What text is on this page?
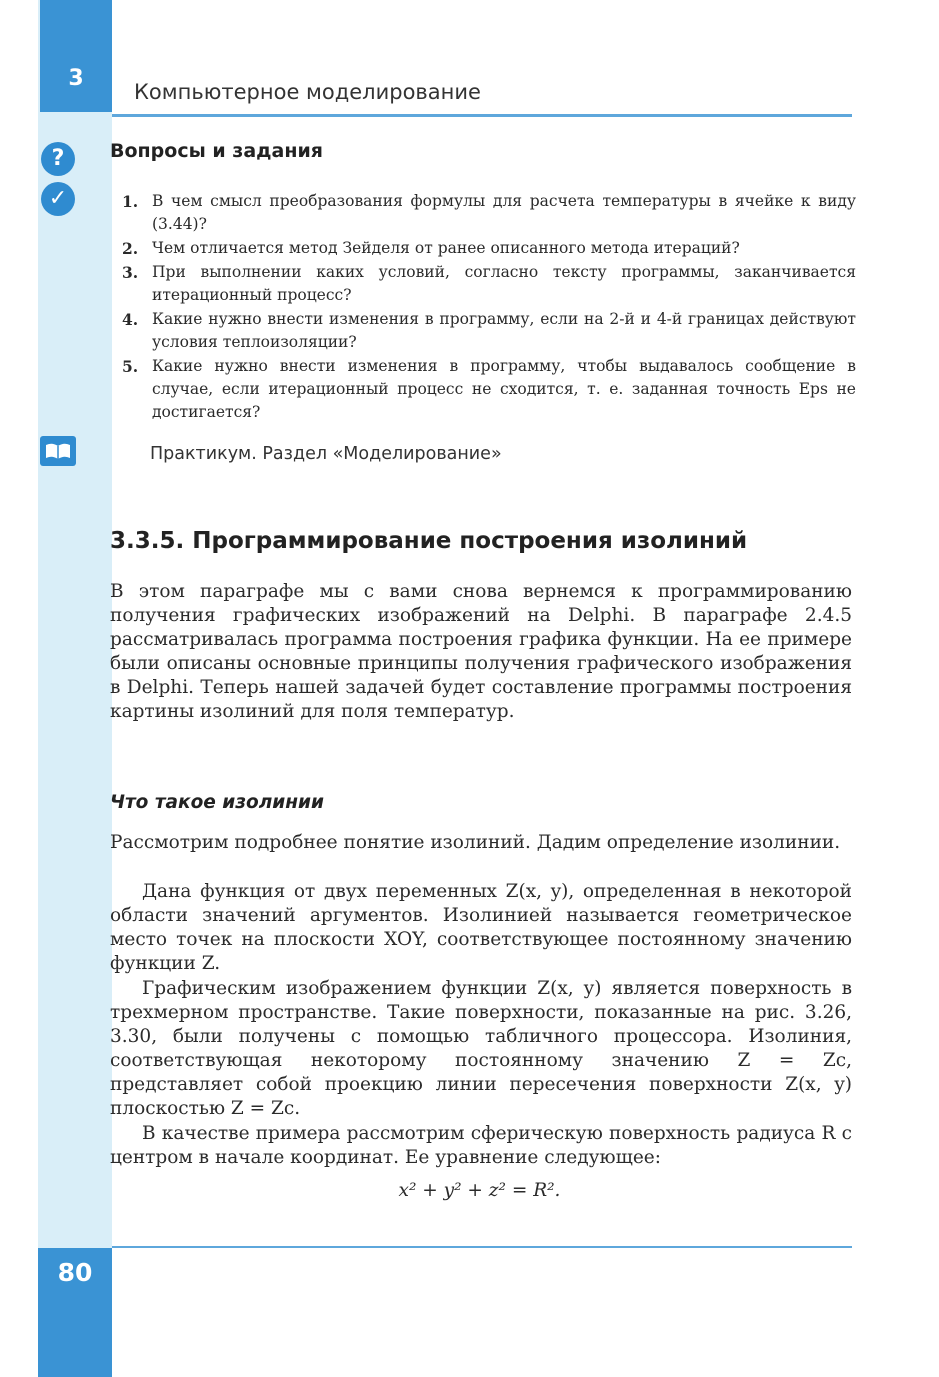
3
Компьютерное моделирование
?
✓
Вопросы и задания
1. В чем смысл преобразования формулы для расчета температуры в ячейке к виду (3.44)?
2. Чем отличается метод Зейделя от ранее описанного метода итераций?
3. При выполнении каких условий, согласно тексту программы, заканчивается итерационный процесс?
4. Какие нужно внести изменения в программу, если на 2-й и 4-й границах действуют условия теплоизоляции?
5. Какие нужно внести изменения в программу, чтобы выдавалось сообщение в случае, если итерационный процесс не сходится, т. е. заданная точность Eps не достигается?
Практикум. Раздел «Моделирование»
3.3.5. Программирование построения изолиний

В этом параграфе мы с вами снова вернемся к программированию получения графических изображений на Delphi. В параграфе 2.4.5 рассматривалась программа построения графика функции. На ее примере были описаны основные принципы получения графического изображения в Delphi. Теперь нашей задачей будет составление программы построения картины изолиний для поля температур.

Что такое изолинии

Рассмотрим подробнее понятие изолиний. Дадим определение изолинии.

Дана функция от двух переменных Z(x, y), определенная в некоторой области значений аргументов. Изолинией называется геометрическое место точек на плоскости XOY, соответствующее постоянному значению функции Z.

Графическим изображением функции Z(x, y) является поверхность в трехмерном пространстве. Такие поверхности, показанные на рис. 3.26, 3.30, были получены с помощью табличного процессора. Изолиния, соответствующая некоторому постоянному значению Z = Zc, представляет собой проекцию линии пересечения поверхности Z(x, y) плоскостью Z = Zc.

В качестве примера рассмотрим сферическую поверхность радиуса R с центром в начале координат. Ее уравнение следующее:

x² + y² + z² = R².
80
